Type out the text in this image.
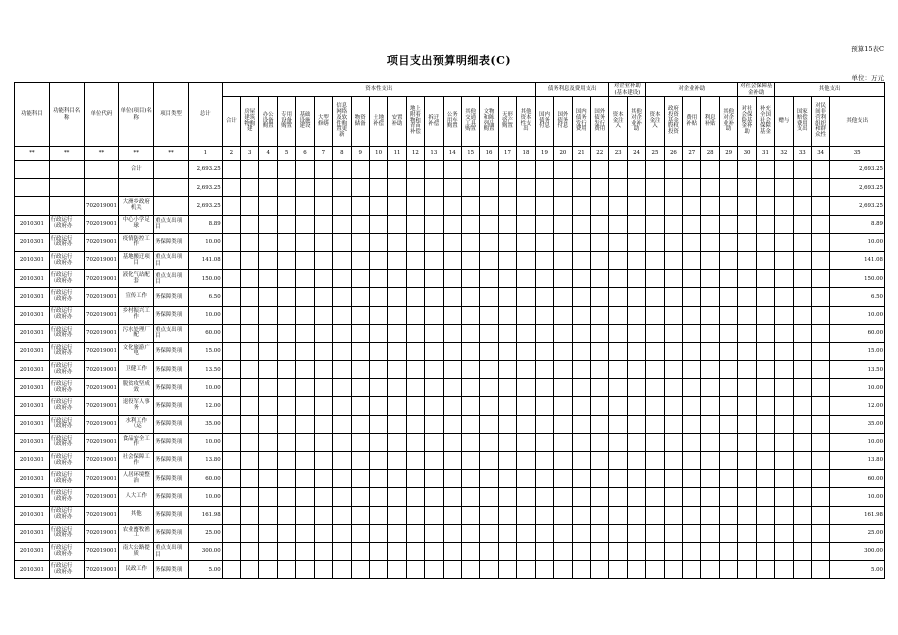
预算15表C
项目支出预算明细表(C)
单位：万元
功能科目	功能科目名称	单位代码	单位(项目)名称	项目类型	总计	资本性支出																	债务利息及费用支出				对企业补助(基本建设)		对企业补助					对社会保障基金补助		其他支出			
						合计	房屋建筑物购建	办公设备购置	专用设备购置	基础设施建设	大型修缮	信息网络及软件购置更新	物资储备	土地补偿	安置补助	地上附着物和青苗补偿	拆迁补偿	公务用车购置	其他交通工具购置	文物和陈列品购置	无形资产购置	其他资本性支出	国内债务付息	国外债务付息	国内债务发行费用	国外债务发行费用	资本金注入	其他对企业补助	资本金注入	政府投资基金股权投资	费用补贴	利息补贴	其他对企业补助	对社会保险基金补助	补充全国社会保障基金	赠与	国家赔偿费用支出	对民间非营利组织和群众性	其他支出
**	**	**	**	**	1	2	3	4	5	6	7	8	9	10	11	12	13	14	15	16	17	18	19	20	21	22	23	24	25	26	27	28	29	30	31	32	33	34	35
			合计		2,693.25																																		2,693.25
					2,693.25																																		2,693.25
		702019001	大洲乡政府机关		2,693.25																																		2,693.25
2010301	行政运行（政府办	702019001	中心小学足球	重点支出项目	8.89																																		8.89
2010301	行政运行（政府办	702019001	疫情防控工作	务保障类项	10.00																																		10.00
2010301	行政运行（政府办	702019001	基地搬迁项目	重点支出项目	141.08																																		141.08
2010301	行政运行（政府办	702019001	液化气站配套	重点支出项目	150.00																																		150.00
2010301	行政运行（政府办	702019001	宣传工作	务保障类项	6.50																																		6.50
2010301	行政运行（政府办	702019001	乡村振兴工作	务保障类项	10.00																																		10.00
2010301	行政运行（政府办	702019001	污水处理厂配	重点支出项目	60.00																																		60.00
2010301	行政运行（政府办	702019001	文化旅游广电	务保障类项	15.00																																		15.00
2010301	行政运行（政府办	702019001	卫健工作	务保障类项	13.50																																		13.50
2010301	行政运行（政府办	702019001	脱贫攻坚成效	务保障类项	10.00																																		10.00
2010301	行政运行（政府办	702019001	退役军人事务	务保障类项	12.00																																		12.00
2010301	行政运行（政府办	702019001	水利工作（运	务保障类项	35.00																																		35.00
2010301	行政运行（政府办	702019001	食品安全工作	务保障类项	10.00																																		10.00
2010301	行政运行（政府办	702019001	社会保障工作	务保障类项	13.80																																		13.80
2010301	行政运行（政府办	702019001	人居环境整治	务保障类项	60.00																																		60.00
2010301	行政运行（政府办	702019001	人大工作	务保障类项	10.00																																		10.00
2010301	行政运行（政府办	702019001	其他	务保障类项	161.98																																		161.98
2010301	行政运行（政府办	702019001	农业畜牧渔工	务保障类项	25.00																																		25.00
2010301	行政运行（政府办	702019001	南大公路提质	重点支出项目	300.00																																		300.00
2010301	行政运行（政府办	702019001	民政工作	务保障类项	5.00																																		5.00
